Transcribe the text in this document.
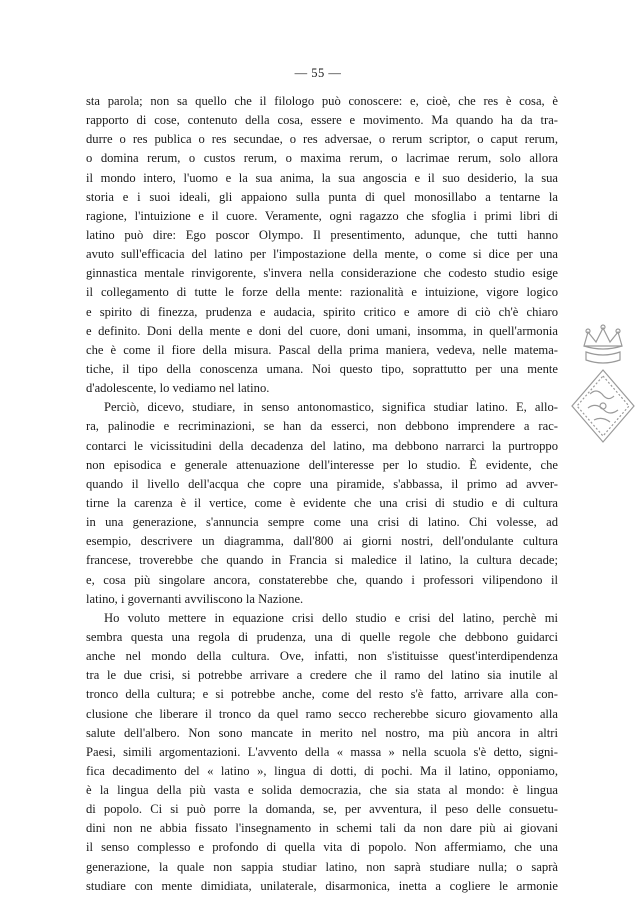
— 55 —
sta parola; non sa quello che il filologo può conoscere: e, cioè, che res è cosa, è
rapporto di cose, contenuto della cosa, essere e movimento. Ma quando ha da tra-
durre o res publica o res secundae, o res adversae, o rerum scriptor, o caput rerum,
o domina rerum, o custos rerum, o maxima rerum, o lacrimae rerum, solo allora
il mondo intero, l'uomo e la sua anima, la sua angoscia e il suo desiderio, la sua
storia e i suoi ideali, gli appaiono sulla punta di quel monosillabo a tentarne la
ragione, l'intuizione e il cuore. Veramente, ogni ragazzo che sfoglia i primi libri di
latino può dire: Ego poscor Olympo. Il presentimento, adunque, che tutti hanno
avuto sull'efficacia del latino per l'impostazione della mente, o come si dice per una
ginnastica mentale rinvigorente, s'invera nella considerazione che codesto studio esige
il collegamento di tutte le forze della mente: razionalità e intuizione, vigore logico
e spirito di finezza, prudenza e audacia, spirito critico e amore di ciò ch'è chiaro
e definito. Doni della mente e doni del cuore, doni umani, insomma, in quell'armonia
che è come il fiore della misura. Pascal della prima maniera, vedeva, nelle matema-
tiche, il tipo della conoscenza umana. Noi questo tipo, soprattutto per una mente
d'adolescente, lo vediamo nel latino.
Perciò, dicevo, studiare, in senso antonomastico, significa studiar latino. E, allo-
ra, palinodie e recriminazioni, se han da esserci, non debbono imprendere a rac-
contarci le vicissitudini della decadenza del latino, ma debbono narrarci la purtroppo
non episodica e generale attenuazione dell'interesse per lo studio. È evidente, che
quando il livello dell'acqua che copre una piramide, s'abbassa, il primo ad avver-
tirne la carenza è il vertice, come è evidente che una crisi di studio e di cultura
in una generazione, s'annuncia sempre come una crisi di latino. Chi volesse, ad
esempio, descrivere un diagramma, dall'800 ai giorni nostri, dell'ondulante cultura
francese, troverebbe che quando in Francia si maledice il latino, la cultura decade;
e, cosa più singolare ancora, constaterebbe che, quando i professori vilipendono il
latino, i governanti avviliscono la Nazione.
Ho voluto mettere in equazione crisi dello studio e crisi del latino, perchè mi
sembra questa una regola di prudenza, una di quelle regole che debbono guidarci
anche nel mondo della cultura. Ove, infatti, non s'istituisse quest'interdipendenza
tra le due crisi, si potrebbe arrivare a credere che il ramo del latino sia inutile al
tronco della cultura; e si potrebbe anche, come del resto s'è fatto, arrivare alla con-
clusione che liberare il tronco da quel ramo secco recherebbe sicuro giovamento alla
salute dell'albero. Non sono mancate in merito nel nostro, ma più ancora in altri
Paesi, simili argomentazioni. L'avvento della « massa » nella scuola s'è detto, signi-
fica decadimento del « latino », lingua di dotti, di pochi. Ma il latino, opponiamo,
è la lingua della più vasta e solida democrazia, che sia stata al mondo: è lingua
di popolo. Ci si può porre la domanda, se, per avventura, il peso delle consuetu-
dini non ne abbia fissato l'insegnamento in schemi tali da non dare più ai giovani
il senso complesso e profondo di quella vita di popolo. Non affermiamo, che una
generazione, la quale non sappia studiar latino, non saprà studiare nulla; o saprà
studiare con mente dimidiata, unilaterale, disarmonica, inetta a cogliere le armonie
